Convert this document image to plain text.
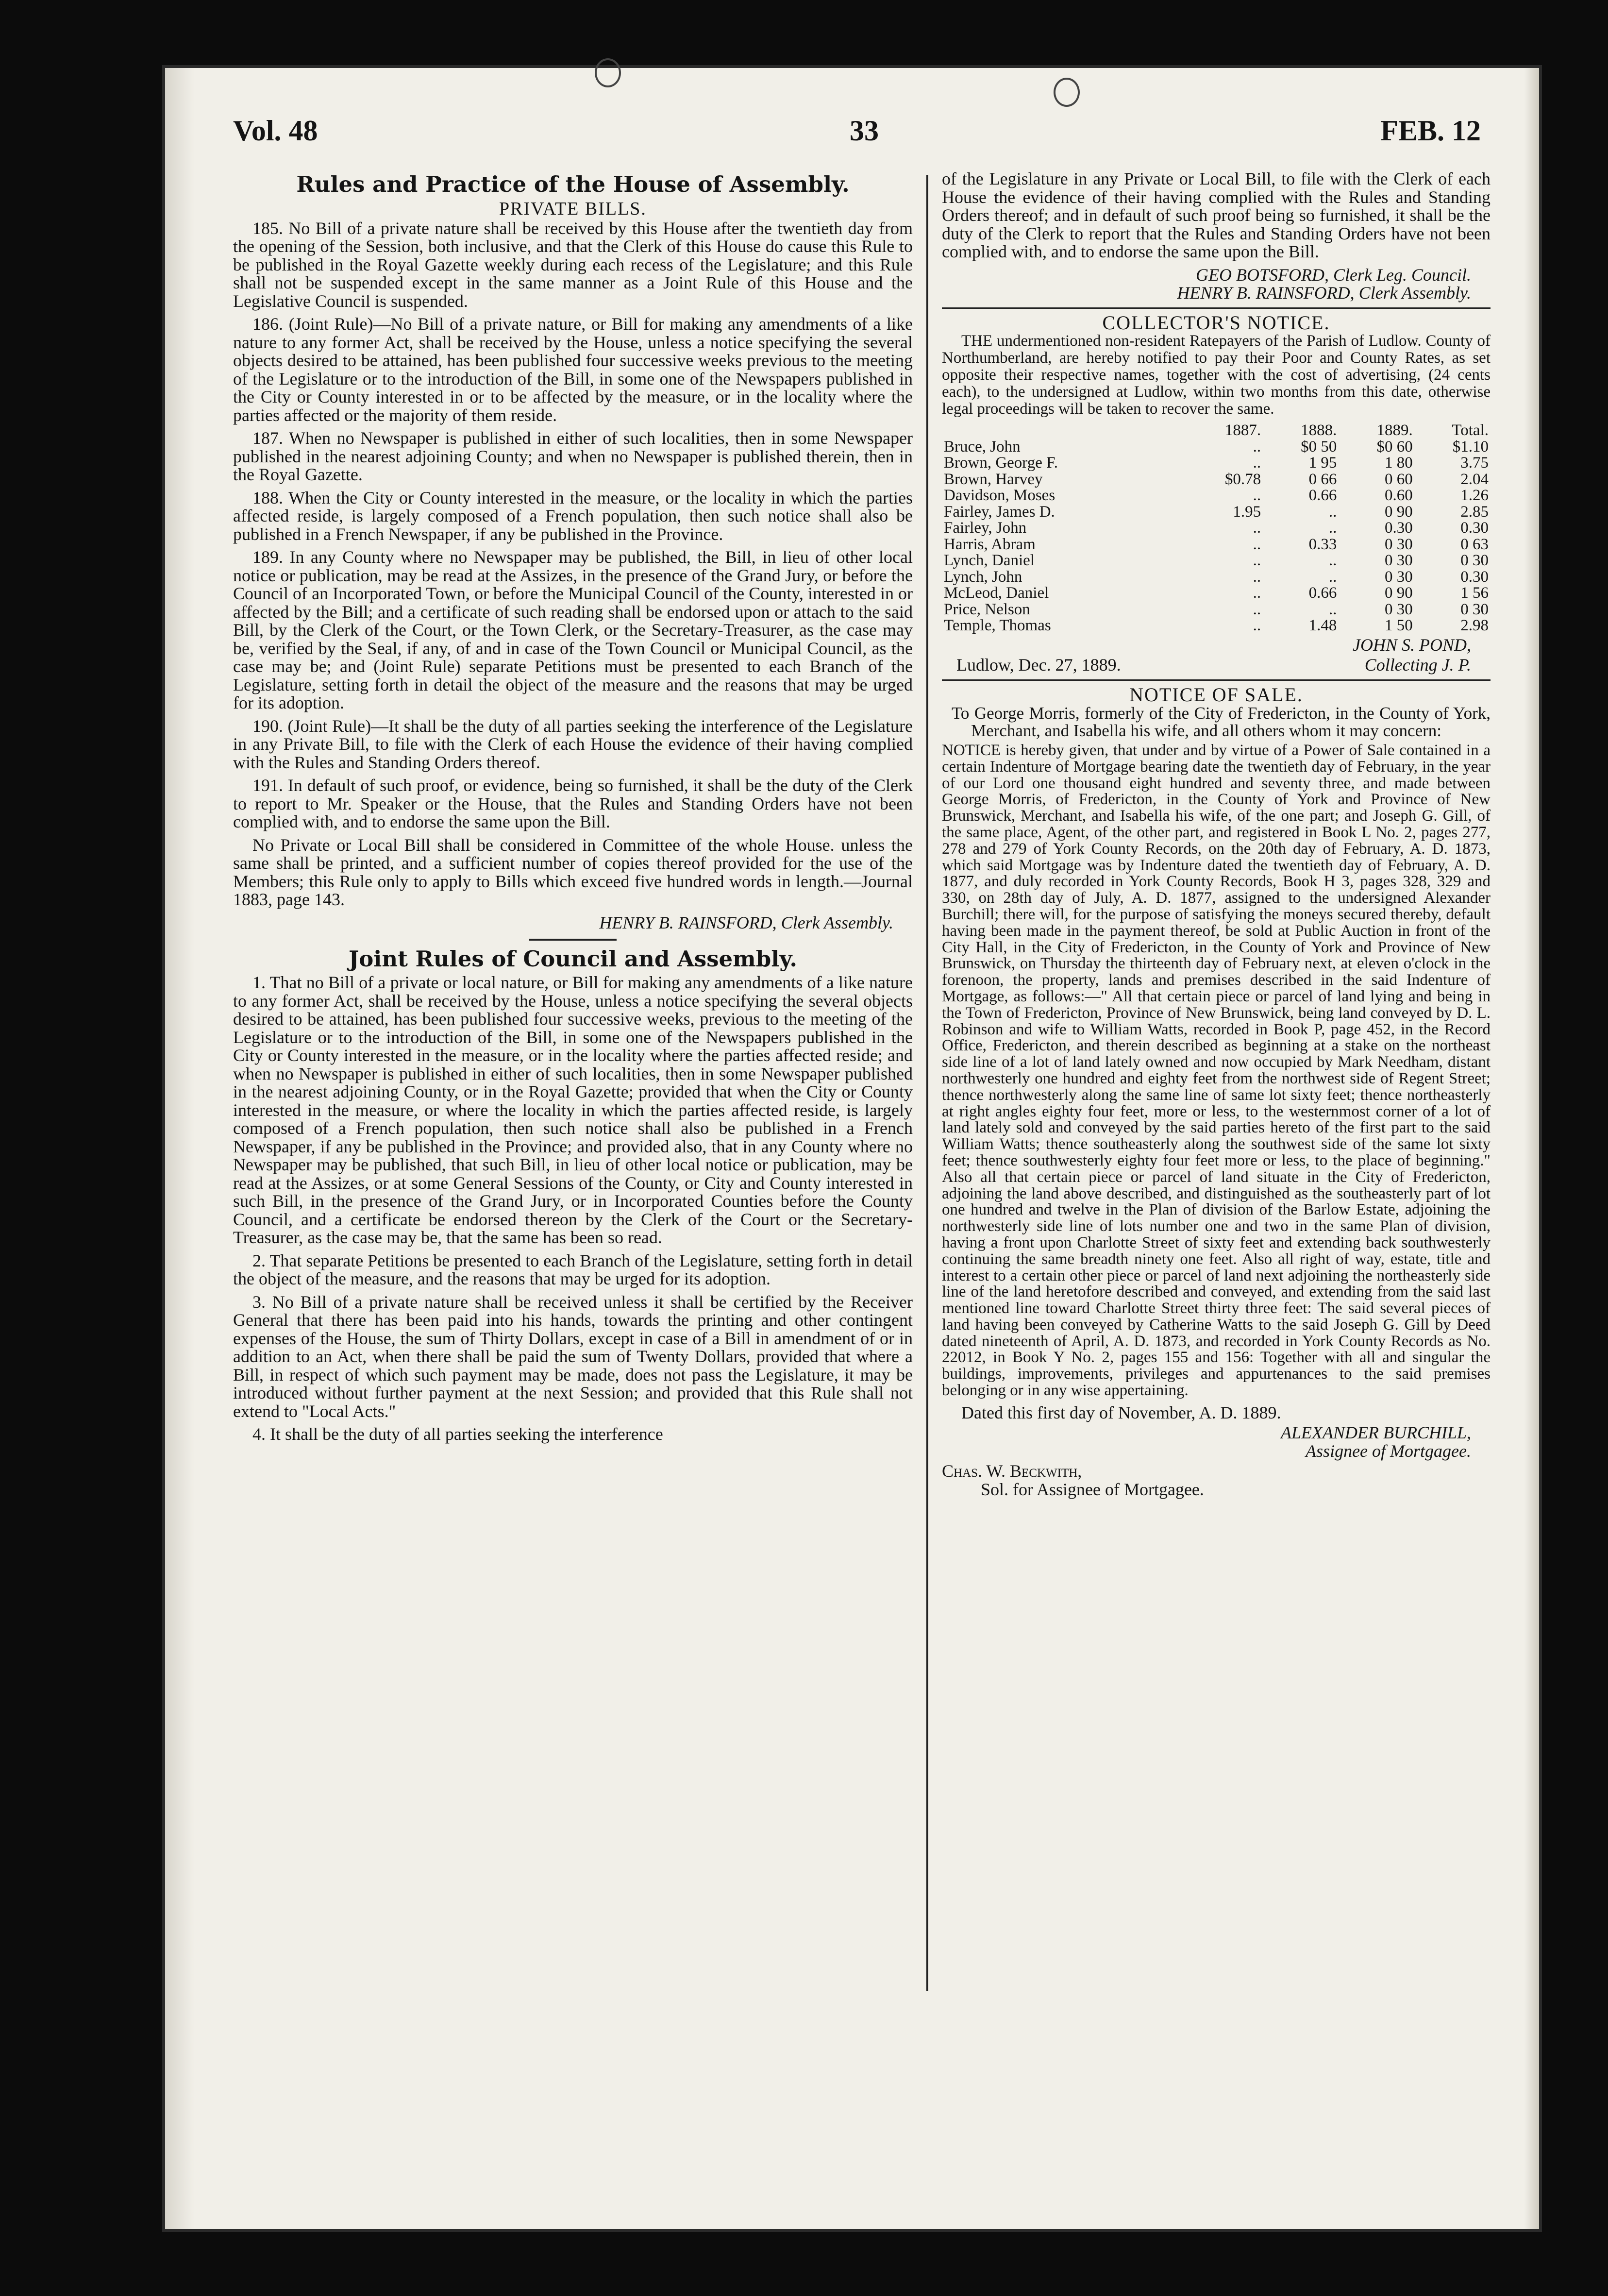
Vol. 48	33	FEB. 12
Rules and Practice of the House of Assembly.
PRIVATE BILLS.

185. No Bill of a private nature shall be received by this House after the twentieth day from the opening of the Session, both inclusive, and that the Clerk of this House do cause this Rule to be published in the Royal Gazette weekly during each recess of the Legislature; and this Rule shall not be suspended except in the same manner as a Joint Rule of this House and the Legislative Council is suspended.

186. (Joint Rule)—No Bill of a private nature, or Bill for making any amendments of a like nature to any former Act, shall be received by the House, unless a notice specifying the several objects desired to be attained, has been published four successive weeks previous to the meeting of the Legislature or to the introduction of the Bill, in some one of the Newspapers published in the City or County interested in or to be affected by the measure, or in the locality where the parties affected or the majority of them reside.

187. When no Newspaper is published in either of such localities, then in some Newspaper published in the nearest adjoining County; and when no Newspaper is published therein, then in the Royal Gazette.

188. When the City or County interested in the measure, or the locality in which the parties affected reside, is largely composed of a French population, then such notice shall also be published in a French Newspaper, if any be published in the Province.

189. In any County where no Newspaper may be published, the Bill, in lieu of other local notice or publication, may be read at the Assizes, in the presence of the Grand Jury, or before the Council of an Incorporated Town, or before the Municipal Council of the County, interested in or affected by the Bill; and a certificate of such reading shall be endorsed upon or attach to the said Bill, by the Clerk of the Court, or the Town Clerk, or the Secretary-Treasurer, as the case may be, verified by the Seal, if any, of and in case of the Town Council or Municipal Council, as the case may be; and (Joint Rule) separate Petitions must be presented to each Branch of the Legislature, setting forth in detail the object of the measure and the reasons that may be urged for its adoption.

190. (Joint Rule)—It shall be the duty of all parties seeking the interference of the Legislature in any Private Bill, to file with the Clerk of each House the evidence of their having complied with the Rules and Standing Orders thereof.

191. In default of such proof, or evidence, being so furnished, it shall be the duty of the Clerk to report to Mr. Speaker or the House, that the Rules and Standing Orders have not been complied with, and to endorse the same upon the Bill.

No Private or Local Bill shall be considered in Committee of the whole House. unless the same shall be printed, and a sufficient number of copies thereof provided for the use of the Members; this Rule only to apply to Bills which exceed five hundred words in length.—Journal 1883, page 143.

HENRY B. RAINSFORD, Clerk Assembly.

Joint Rules of Council and Assembly.

1. That no Bill of a private or local nature, or Bill for making any amendments of a like nature to any former Act, shall be received by the House, unless a notice specifying the several objects desired to be attained, has been published four successive weeks, previous to the meeting of the Legislature or to the introduction of the Bill, in some one of the Newspapers published in the City or County interested in the measure, or in the locality where the parties affected reside; and when no Newspaper is published in either of such localities, then in some Newspaper published in the nearest adjoining County, or in the Royal Gazette; provided that when the City or County interested in the measure, or where the locality in which the parties affected reside, is largely composed of a French population, then such notice shall also be published in a French Newspaper, if any be published in the Province; and provided also, that in any County where no Newspaper may be published, that such Bill, in lieu of other local notice or publication, may be read at the Assizes, or at some General Sessions of the County, or City and County interested in such Bill, in the presence of the Grand Jury, or in Incorporated Counties before the County Council, and a certificate be endorsed thereon by the Clerk of the Court or the Secretary-Treasurer, as the case may be, that the same has been so read.

2. That separate Petitions be presented to each Branch of the Legislature, setting forth in detail the object of the measure, and the reasons that may be urged for its adoption.

3. No Bill of a private nature shall be received unless it shall be certified by the Receiver General that there has been paid into his hands, towards the printing and other contingent expenses of the House, the sum of Thirty Dollars, except in case of a Bill in amendment of or in addition to an Act, when there shall be paid the sum of Twenty Dollars, provided that where a Bill, in respect of which such payment may be made, does not pass the Legislature, it may be introduced without further payment at the next Session; and provided that this Rule shall not extend to "Local Acts."

4. It shall be the duty of all parties seeking the interference

of the Legislature in any Private or Local Bill, to file with the Clerk of each House the evidence of their having complied with the Rules and Standing Orders thereof; and in default of such proof being so furnished, it shall be the duty of the Clerk to report that the Rules and Standing Orders have not been complied with, and to endorse the same upon the Bill.

GEO BOTSFORD, Clerk Leg. Council.

HENRY B. RAINSFORD, Clerk Assembly.

COLLECTOR'S NOTICE.

THE undermentioned non-resident Ratepayers of the Parish of Ludlow. County of Northumberland, are hereby notified to pay their Poor and County Rates, as set opposite their respective names, together with the cost of advertising, (24 cents each), to the undersigned at Ludlow, within two months from this date, otherwise legal proceedings will be taken to recover the same.

	1887.	1888.	1889.	Total.
Bruce, John	..	$0 50	$0 60	$1.10
Brown, George F.	..	1 95	1 80	3.75
Brown, Harvey	$0.78	0 66	0 60	2.04
Davidson, Moses	..	0.66	0.60	1.26
Fairley, James D.	1.95	..	0 90	2.85
Fairley, John	..	..	0.30	0.30
Harris, Abram	..	0.33	0 30	0 63
Lynch, Daniel	..	..	0 30	0 30
Lynch, John	..	..	0 30	0.30
McLeod, Daniel	..	0.66	0 90	1 56
Price, Nelson	..	..	0 30	0 30
Temple, Thomas	..	1.48	1 50	2.98

JOHN S. POND,

Ludlow, Dec. 27, 1889.	Collecting J. P.
NOTICE OF SALE.

To George Morris, formerly of the City of Fredericton, in the County of York, Merchant, and Isabella his wife, and all others whom it may concern:

NOTICE is hereby given, that under and by virtue of a Power of Sale contained in a certain Indenture of Mortgage bearing date the twentieth day of February, in the year of our Lord one thousand eight hundred and seventy three, and made between George Morris, of Fredericton, in the County of York and Province of New Brunswick, Merchant, and Isabella his wife, of the one part; and Joseph G. Gill, of the same place, Agent, of the other part, and registered in Book L No. 2, pages 277, 278 and 279 of York County Records, on the 20th day of February, A. D. 1873, which said Mortgage was by Indenture dated the twentieth day of February, A. D. 1877, and duly recorded in York County Records, Book H 3, pages 328, 329 and 330, on 28th day of July, A. D. 1877, assigned to the undersigned Alexander Burchill; there will, for the purpose of satisfying the moneys secured thereby, default having been made in the payment thereof, be sold at Public Auction in front of the City Hall, in the City of Fredericton, in the County of York and Province of New Brunswick, on Thursday the thirteenth day of February next, at eleven o'clock in the forenoon, the property, lands and premises described in the said Indenture of Mortgage, as follows:—" All that certain piece or parcel of land lying and being in the Town of Fredericton, Province of New Brunswick, being land conveyed by D. L. Robinson and wife to William Watts, recorded in Book P, page 452, in the Record Office, Fredericton, and therein described as beginning at a stake on the northeast side line of a lot of land lately owned and now occupied by Mark Needham, distant northwesterly one hundred and eighty feet from the northwest side of Regent Street; thence northwesterly along the same line of same lot sixty feet; thence northeasterly at right angles eighty four feet, more or less, to the westernmost corner of a lot of land lately sold and conveyed by the said parties hereto of the first part to the said William Watts; thence southeasterly along the southwest side of the same lot sixty feet; thence southwesterly eighty four feet more or less, to the place of beginning." Also all that certain piece or parcel of land situate in the City of Fredericton, adjoining the land above described, and distinguished as the southeasterly part of lot one hundred and twelve in the Plan of division of the Barlow Estate, adjoining the northwesterly side line of lots number one and two in the same Plan of division, having a front upon Charlotte Street of sixty feet and extending back southwesterly continuing the same breadth ninety one feet. Also all right of way, estate, title and interest to a certain other piece or parcel of land next adjoining the northeasterly side line of the land heretofore described and conveyed, and extending from the said last mentioned line toward Charlotte Street thirty three feet: The said several pieces of land having been conveyed by Catherine Watts to the said Joseph G. Gill by Deed dated nineteenth of April, A. D. 1873, and recorded in York County Records as No. 22012, in Book Y No. 2, pages 155 and 156: Together with all and singular the buildings, improvements, privileges and appurtenances to the said premises belonging or in any wise appertaining.

Dated this first day of November, A. D. 1889.

ALEXANDER BURCHILL,

Assignee of Mortgagee.

Chas. W. Beckwith,

Sol. for Assignee of Mortgagee.
